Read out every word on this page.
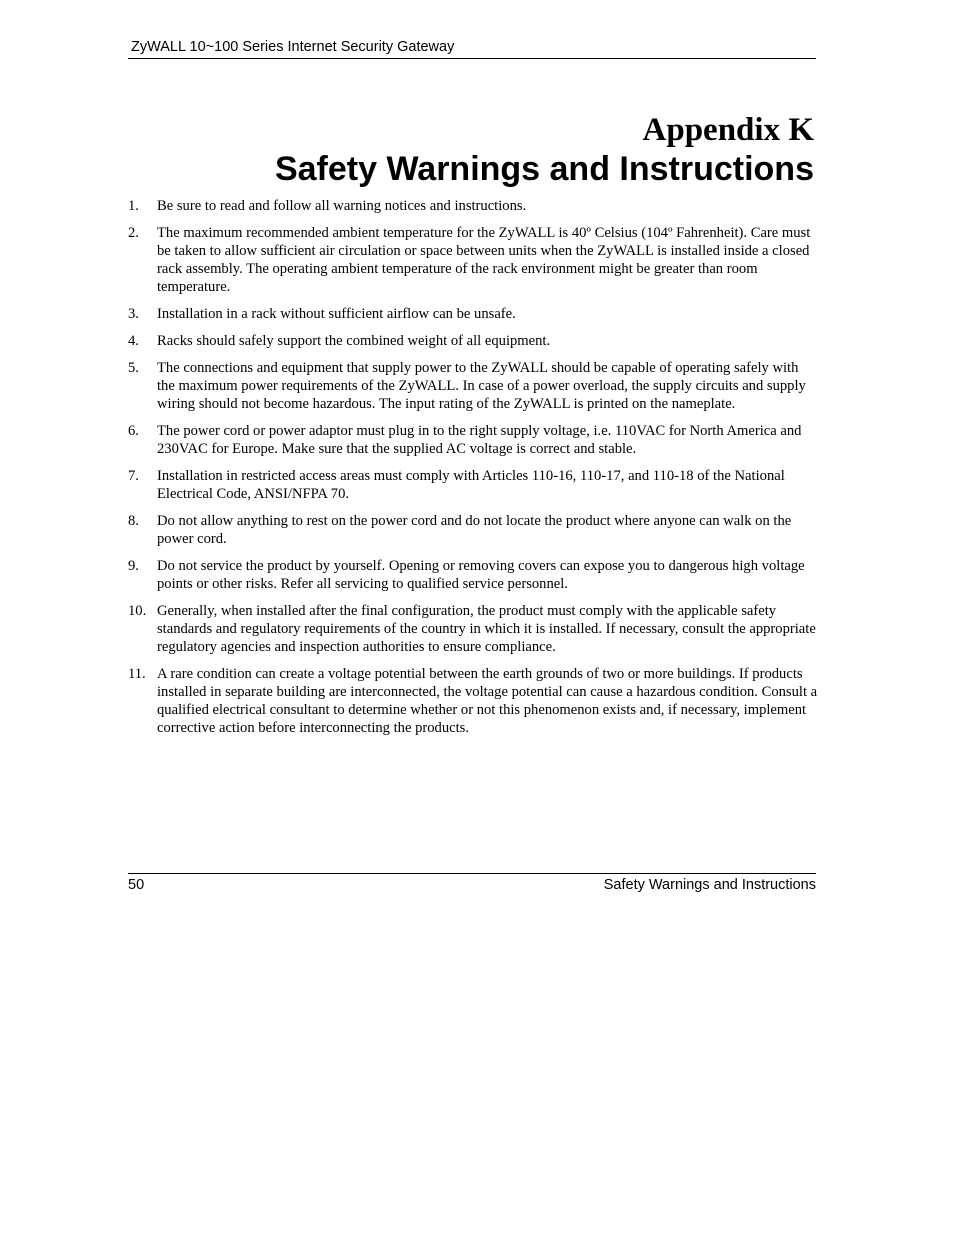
ZyWALL 10~100 Series Internet Security Gateway
Appendix K
Safety Warnings and Instructions
1. Be sure to read and follow all warning notices and instructions.
2. The maximum recommended ambient temperature for the ZyWALL is 40º Celsius (104º Fahrenheit). Care must be taken to allow sufficient air circulation or space between units when the ZyWALL is installed inside a closed rack assembly. The operating ambient temperature of the rack environment might be greater than room temperature.
3. Installation in a rack without sufficient airflow can be unsafe.
4. Racks should safely support the combined weight of all equipment.
5. The connections and equipment that supply power to the ZyWALL should be capable of operating safely with the maximum power requirements of the ZyWALL. In case of a power overload, the supply circuits and supply wiring should not become hazardous. The input rating of the ZyWALL is printed on the nameplate.
6. The power cord or power adaptor must plug in to the right supply voltage, i.e. 110VAC for North America and 230VAC for Europe. Make sure that the supplied AC voltage is correct and stable.
7. Installation in restricted access areas must comply with Articles 110-16, 110-17, and 110-18 of the National Electrical Code, ANSI/NFPA 70.
8. Do not allow anything to rest on the power cord and do not locate the product where anyone can walk on the power cord.
9. Do not service the product by yourself. Opening or removing covers can expose you to dangerous high voltage points or other risks. Refer all servicing to qualified service personnel.
10. Generally, when installed after the final configuration, the product must comply with the applicable safety standards and regulatory requirements of the country in which it is installed. If necessary, consult the appropriate regulatory agencies and inspection authorities to ensure compliance.
11. A rare condition can create a voltage potential between the earth grounds of two or more buildings. If products installed in separate building are interconnected, the voltage potential can cause a hazardous condition. Consult a qualified electrical consultant to determine whether or not this phenomenon exists and, if necessary, implement corrective action before interconnecting the products.
50	Safety Warnings and Instructions
